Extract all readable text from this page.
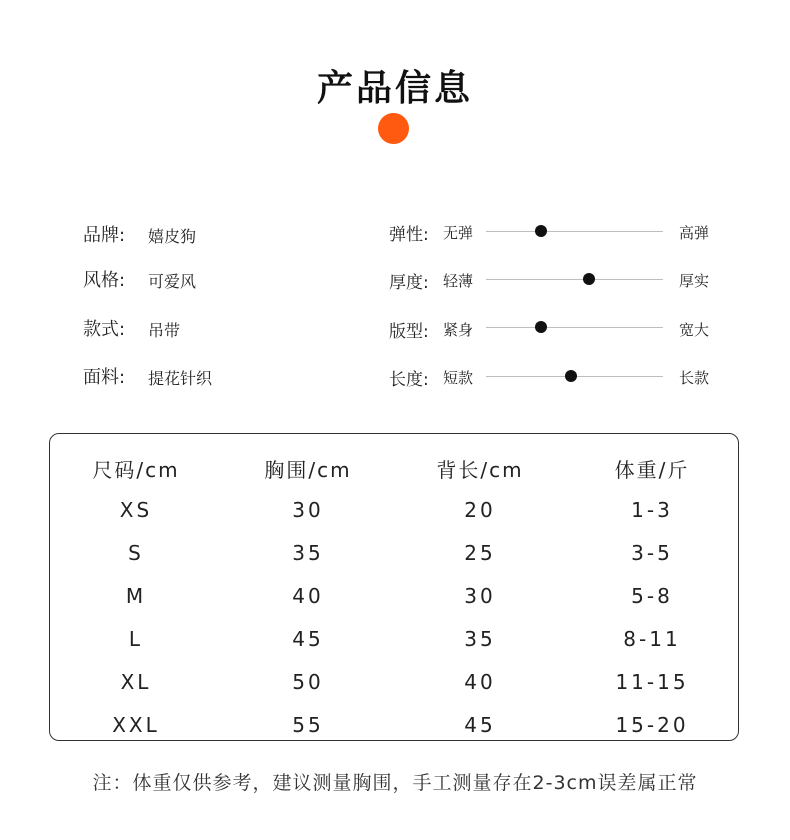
产品信息
品牌: 嬉皮狗
风格: 可爱风
款式: 吊带
面料: 提花针织
弹性: 无弹	高弹
厚度: 轻薄	厚实
版型: 紧身	宽大
长度: 短款	长款
尺码/cm	胸围/cm	背长/cm	体重/斤
XS	30	20	1-3
S	35	25	3-5
M	40	30	5-8
L	45	35	8-11
XL	50	40	11-15
XXL	55	45	15-20
注：体重仅供参考，建议测量胸围，手工测量存在2-3cm误差属正常
